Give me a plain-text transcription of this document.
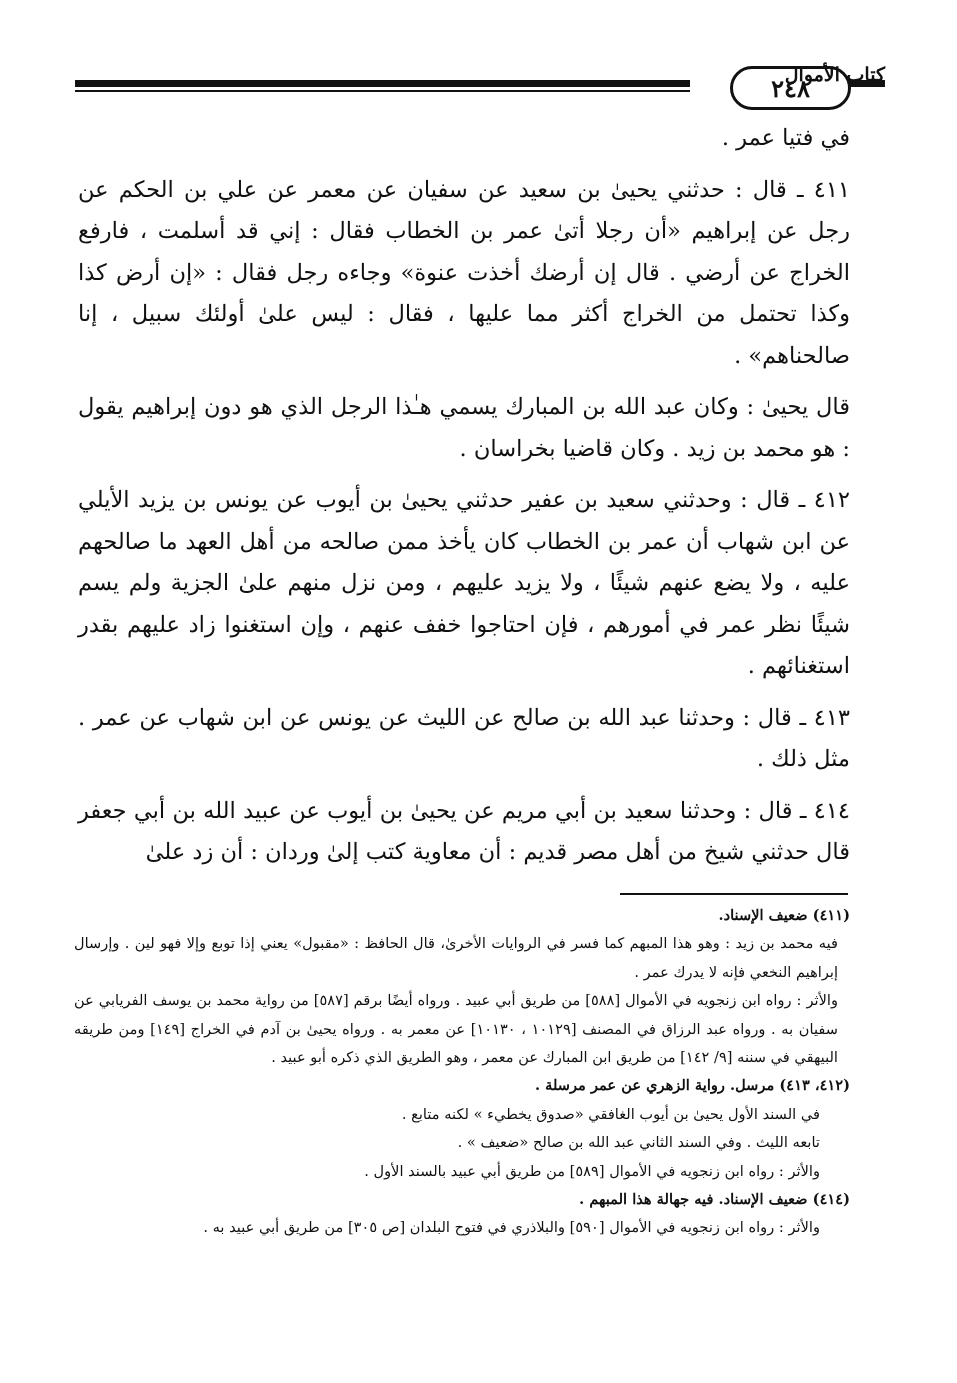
٢٤٨
كتاب الأموال

في فتيا عمر .

٤١١ ـ قال : حدثني يحيىٰ بن سعيد عن سفيان عن معمر عن علي بن الحكم عن رجل عن إبراهيم «أن رجلا أتىٰ عمر بن الخطاب فقال : إني قد أسلمت ، فارفع الخراج عن أرضي . قال إن أرضك أخذت عنوة» وجاءه رجل فقال : «إن أرض كذا وكذا تحتمل من الخراج أكثر مما عليها ، فقال : ليس علىٰ أولئك سبيل ، إنا صالحناهم» .

قال يحيىٰ : وكان عبد الله بن المبارك يسمي هـٰذا الرجل الذي هو دون إبراهيم يقول : هو محمد بن زيد . وكان قاضيا بخراسان .

٤١٢ ـ قال : وحدثني سعيد بن عفير حدثني يحيىٰ بن أيوب عن يونس بن يزيد الأيلي عن ابن شهاب أن عمر بن الخطاب كان يأخذ ممن صالحه من أهل العهد ما صالحهم عليه ، ولا يضع عنهم شيئًا ، ولا يزيد عليهم ، ومن نزل منهم علىٰ الجزية ولم يسم شيئًا نظر عمر في أمورهم ، فإن احتاجوا خفف عنهم ، وإن استغنوا زاد عليهم بقدر استغنائهم .

٤١٣ ـ قال : وحدثنا عبد الله بن صالح عن الليث عن يونس عن ابن شهاب عن عمر . مثل ذلك .

٤١٤ ـ قال : وحدثنا سعيد بن أبي مريم عن يحيىٰ بن أيوب عن عبيد الله بن أبي جعفر قال حدثني شيخ من أهل مصر قديم : أن معاوية كتب إلىٰ وردان : أن زد علىٰ

(٤١١) ضعيف الإسناد.

فيه محمد بن زيد : وهو هذا المبهم كما فسر في الروايات الأخرىٰ، قال الحافظ : «مقبول» يعني إذا توبع وإلا فهو لين . وإرسال إبراهيم النخعي فإنه لا يدرك عمر .

والأثر : رواه ابن زنجويه في الأموال [٥٨٨] من طريق أبي عبيد . ورواه أيضًا برقم [٥٨٧] من رواية محمد بن يوسف الفريابي عن سفيان به . ورواه عبد الرزاق في المصنف [١٠١٢٩ ، ١٠١٣٠] عن معمر به . ورواه يحيىٰ بن آدم في الخراج [١٤٩] ومن طريقه البيهقي في سننه [٩/ ١٤٢] من طريق ابن المبارك عن معمر ، وهو الطريق الذي ذكره أبو عبيد .

(٤١٢، ٤١٣) مرسل. رواية الزهري عن عمر مرسلة .

في السند الأول يحيىٰ بن أيوب الغافقي «صدوق يخطيء » لكنه متابع .

تابعه الليث . وفي السند الثاني عبد الله بن صالح «ضعيف » .

والأثر : رواه ابن زنجويه في الأموال [٥٨٩] من طريق أبي عبيد بالسند الأول .

(٤١٤) ضعيف الإسناد. فيه جهالة هذا المبهم .

والأثر : رواه ابن زنجويه في الأموال [٥٩٠] والبلاذري في فتوح البلدان [ص ٣٠٥] من طريق أبي عبيد به .
